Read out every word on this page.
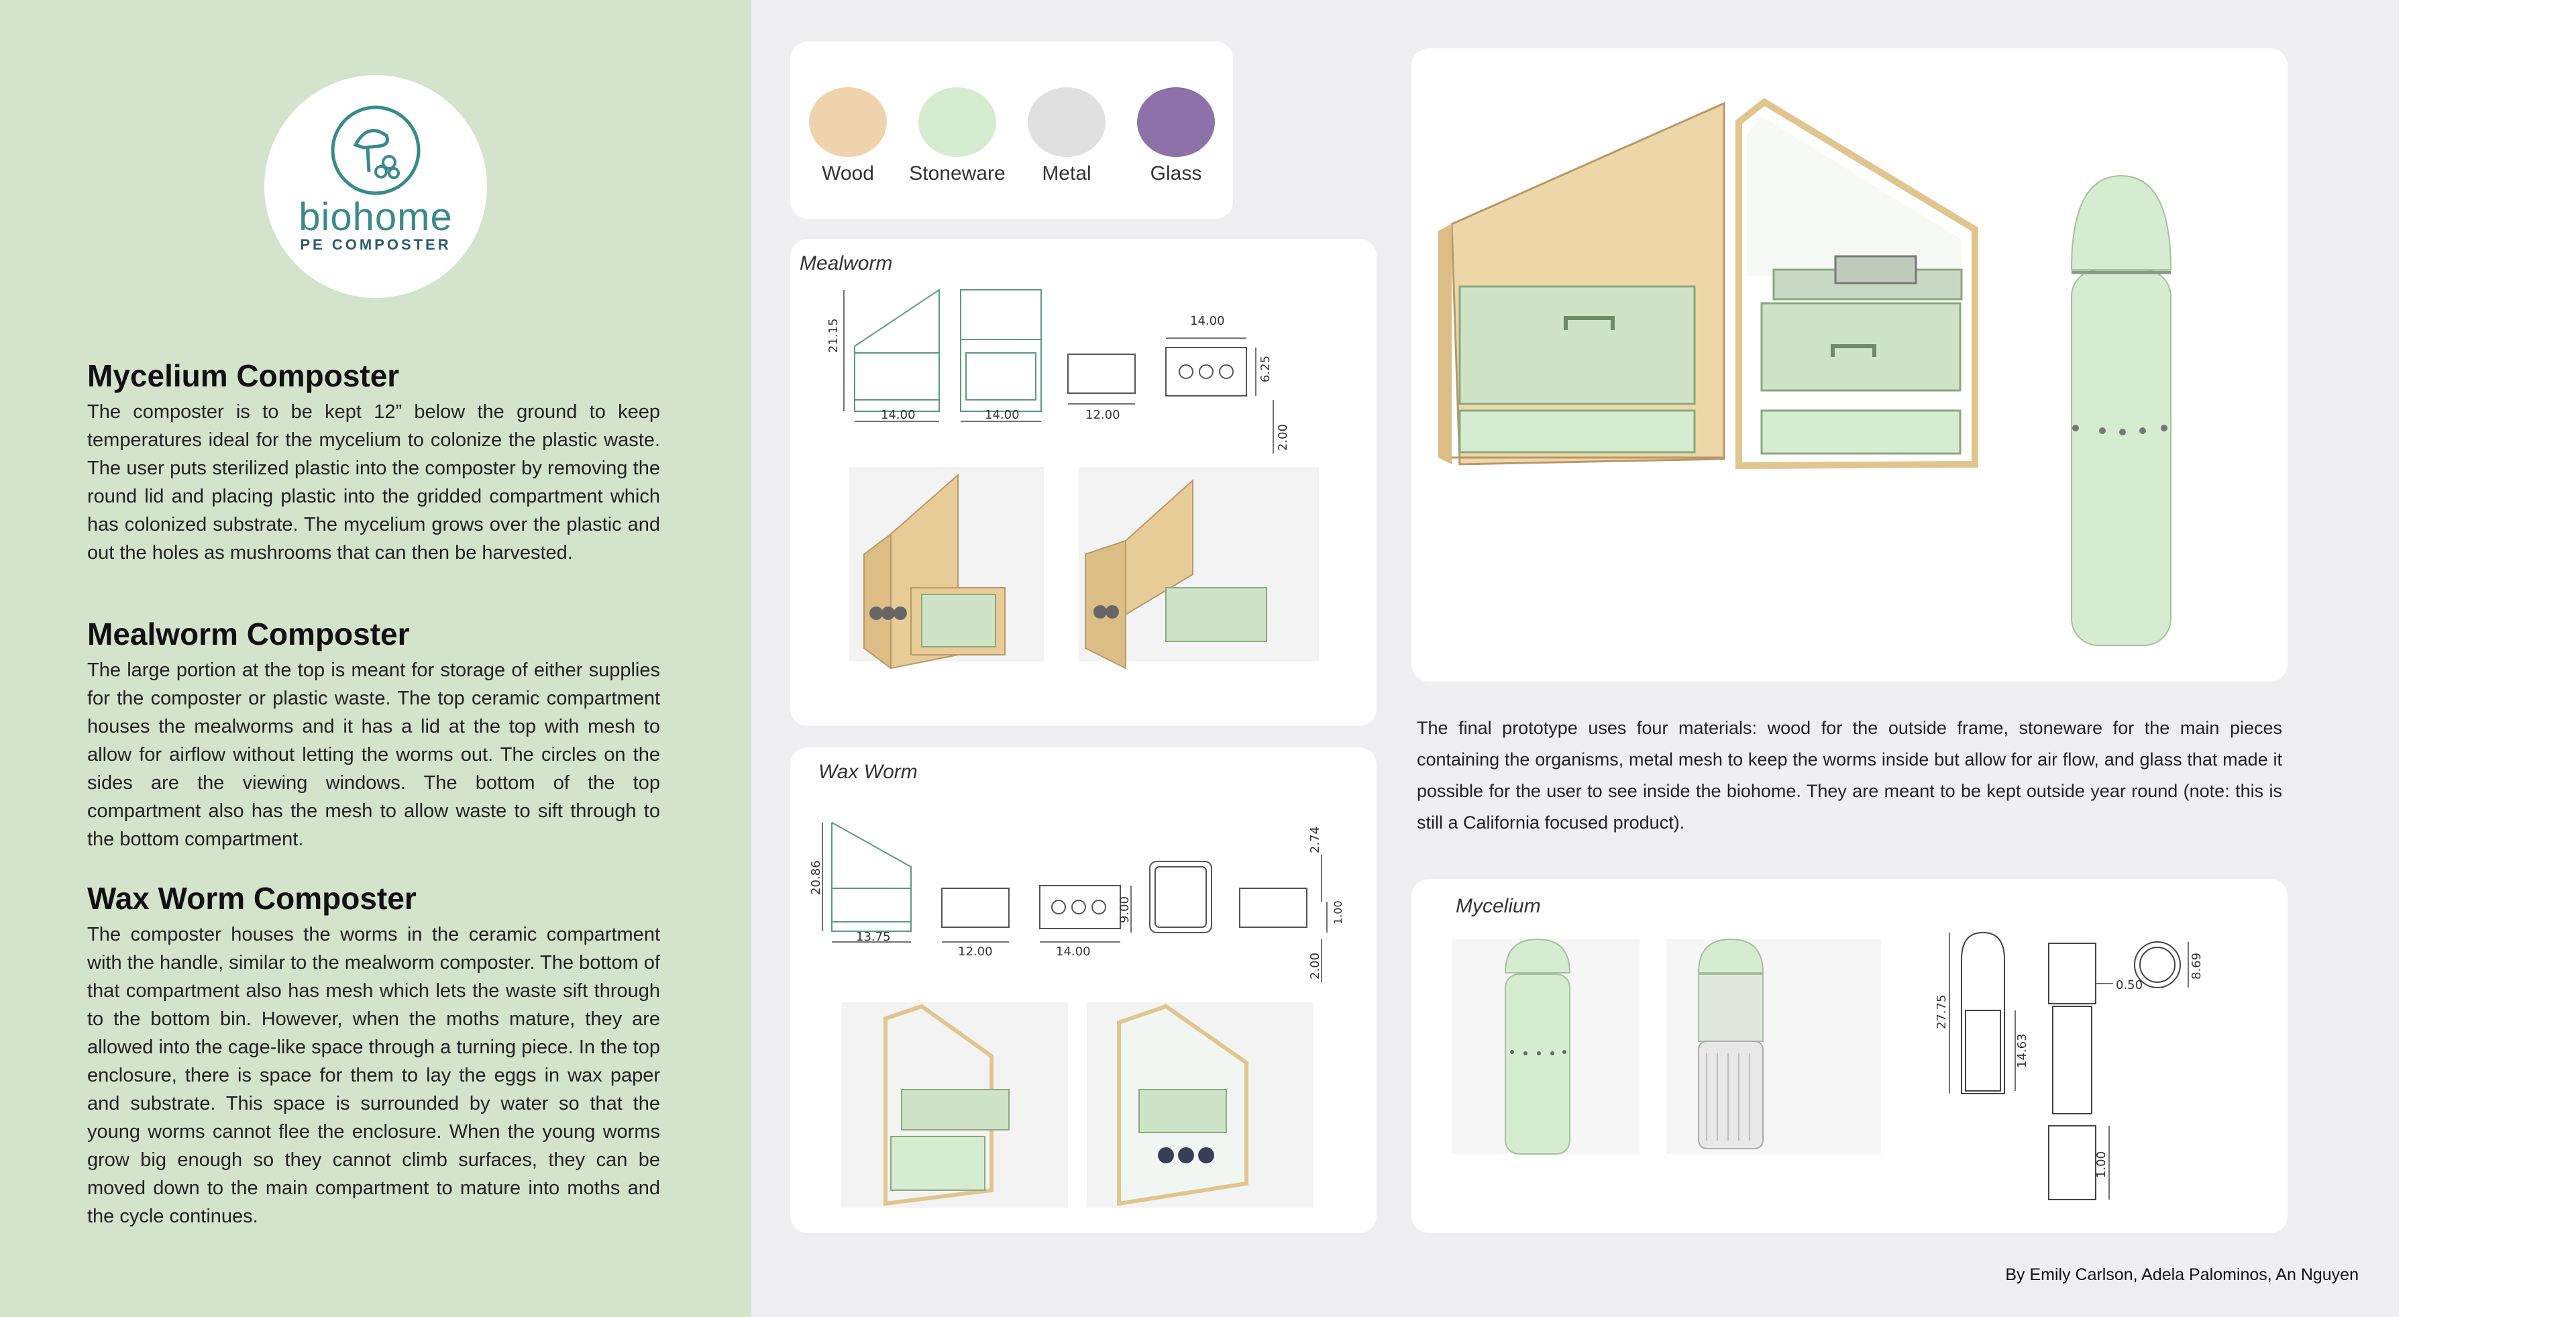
biohome
PE COMPOSTER
Mycelium Composter

The composter is to be kept 12” below the ground to keep temperatures ideal for the mycelium to colonize the plastic waste. The user puts sterilized plastic into the composter by removing the round lid and placing plastic into the gridded compartment which has colonized substrate. The mycelium grows over the plastic and out the holes as mushrooms that can then be harvested.

Mealworm Composter

The large portion at the top is meant for storage of either supplies for the composter or plastic waste. The top ceramic compartment houses the mealworms and it has a lid at the top with mesh to allow for airflow without letting the worms out. The circles on the sides are the viewing windows. The bottom of the top compartment also has the mesh to allow waste to sift through to the bottom compartment.

Wax Worm Composter

The composter houses the worms in the ceramic compartment with the handle, similar to the mealworm composter. The bottom of that compartment also has mesh which lets the waste sift through to the bottom bin. However, when the moths mature, they are allowed into the cage-like space through a turning piece. In the top enclosure, there is space for them to lay the eggs in wax paper and substrate. This space is surrounded by water so that the young worms cannot flee the enclosure. When the young worms grow big enough so they cannot climb surfaces, they can be moved down to the main compartment to mature into moths and the cycle continues.

Wood	Stoneware	Metal	Glass
Mealworm
21.15
14.00	14.00	12.00
14.00
6.25
2.00
Wax Worm
20.86
13.75
12.00	14.00
9.00
2.74
1.00
2.00
The final prototype uses four materials: wood for the outside frame, stoneware for the main pieces containing the organisms, metal mesh to keep the worms inside but allow for air flow, and glass that made it possible for the user to see inside the biohome. They are meant to be kept outside year round (note: this is still a California focused product).
Mycelium
27.75
14.63
0.50
8.69
1.00
By Emily Carlson, Adela Palominos, An Nguyen
